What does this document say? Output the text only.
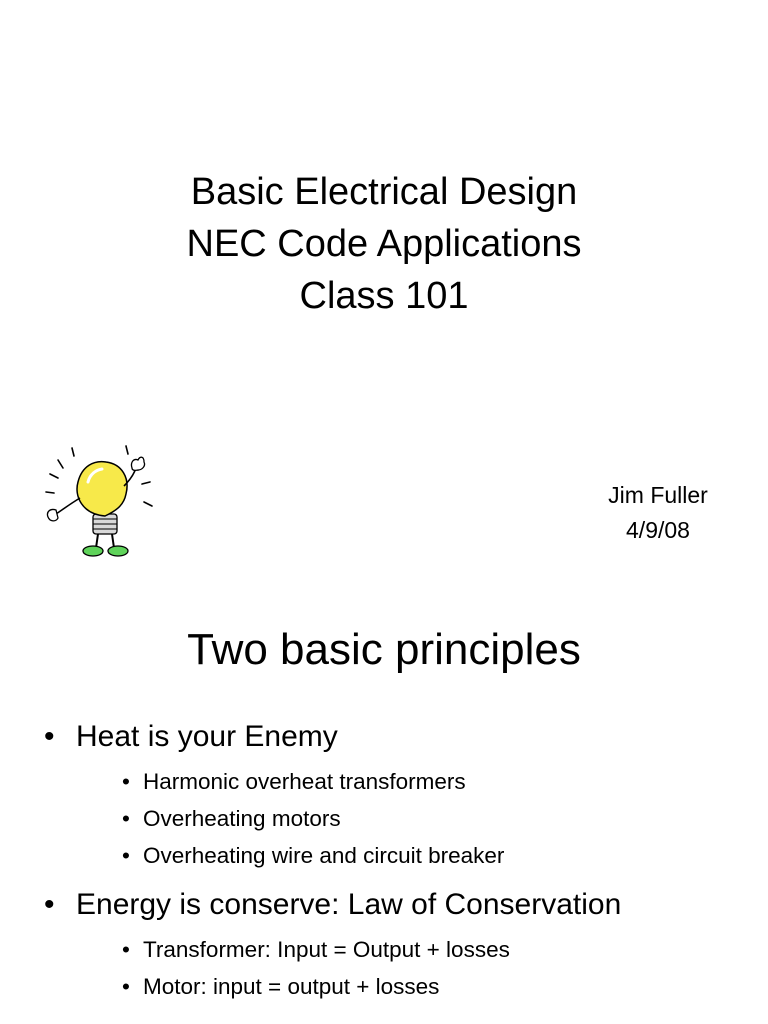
Basic Electrical Design
NEC Code Applications
Class 101
Jim Fuller
4/9/08
Two basic principles
• Heat is your Enemy
• Harmonic overheat transformers
• Overheating motors
• Overheating wire and circuit breaker
• Energy is conserve: Law of Conservation
• Transformer: Input = Output + losses
• Motor: input = output + losses
